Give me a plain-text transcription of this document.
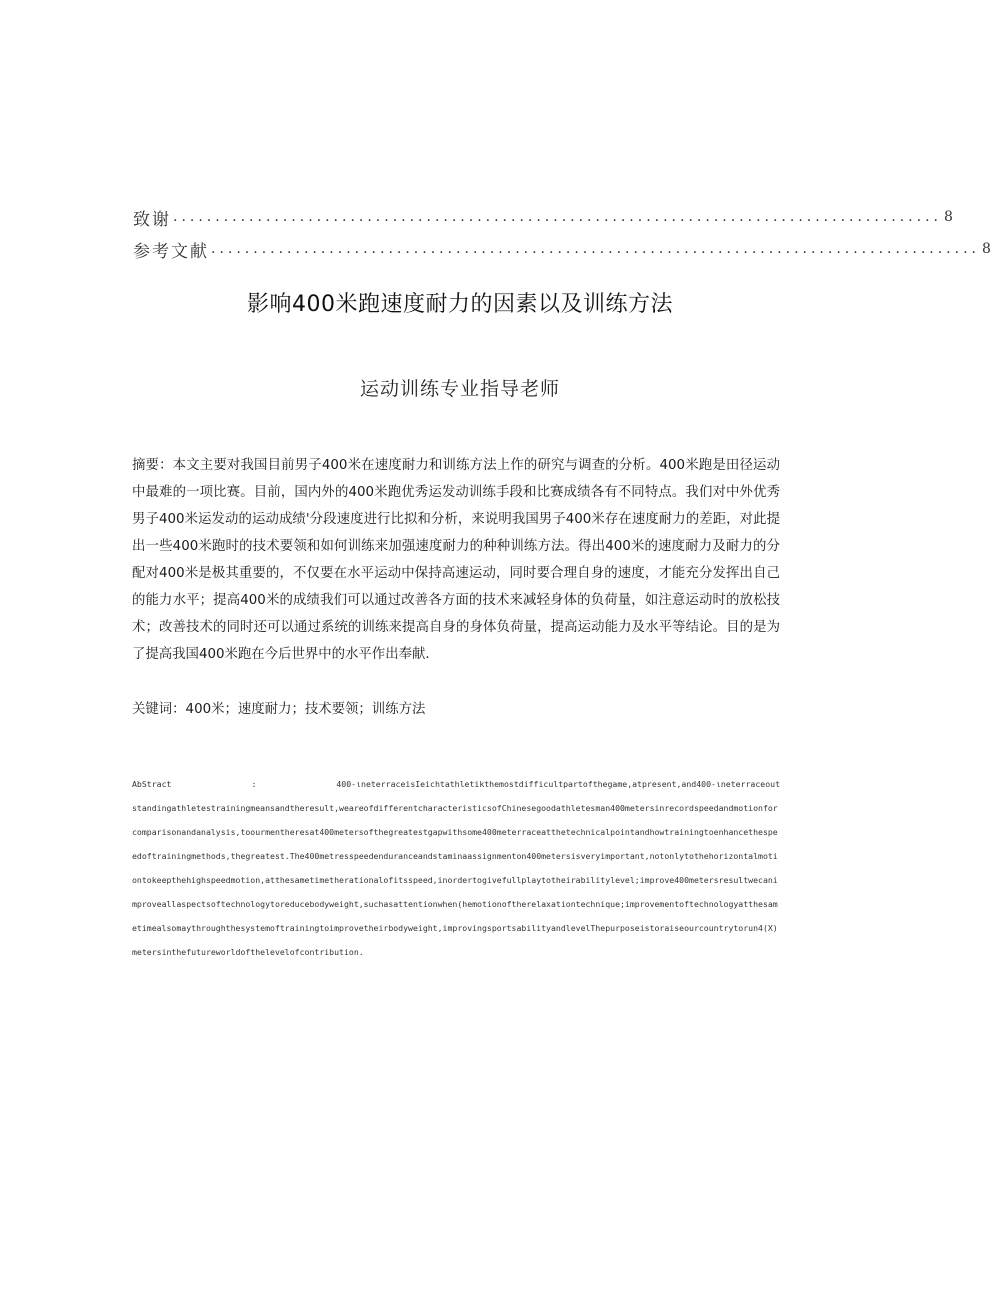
致谢 ........................................................................................... 8
参考文献 ........................................................................................... 8
影响400米跑速度耐力的因素以及训练方法
运动训练专业指导老师

摘要：本文主要对我国目前男子400米在速度耐力和训练方法上作的研究与调查的分析。400米跑是田径运动中最难的一项比赛。目前，国内外的400米跑优秀运发动训练手段和比赛成绩各有不同特点。我们对中外优秀男子400米运发动的运动成绩'分段速度进行比拟和分析，来说明我国男子400米存在速度耐力的差距，对此提出一些400米跑时的技术要领和如何训练来加强速度耐力的种种训练方法。得出400米的速度耐力及耐力的分配对400米是极其重要的，不仅要在水平运动中保持高速运动，同时要合理自身的速度，才能充分发挥出自己的能力水平；提高400米的成绩我们可以通过改善各方面的技术来减轻身体的负荷量，如注意运动时的放松技术；改善技术的同时还可以通过系统的训练来提高自身的身体负荷量，提高运动能力及水平等结论。目的是为了提高我国400米跑在今后世界中的水平作出奉献.

关键词：400米；速度耐力；技术要领；训练方法

AbStract	:	400-ιneterraceisIeichtathletikthemostdifficultpartofthegame,atpresent,and400-ιneterraceoutstandingathletestrainingmeansandtheresult,weareofdifferentcharacteristicsofChinesegoodathletesman400metersinrecordspeedandmotionforcomparisonandanalysis,toourmentheresat400metersofthegreatestgapwithsome400meterraceatthetechnicalpointandhowtrainingtoenhancethespeedoftrainingmethods,thegreatest.The400metresspeedenduranceandstaminaassignmenton400metersisveryimportant,notonlytothehorizontalmotiontokeepthehighspeedmotion,atthesametimetherationalofitsspeed,inordertogivefullplaytotheirabilitylevel;improve400metersresultwecanimproveallaspectsoftechnologytoreducebodyweight,suchasattentionwhen(hemotionoftherelaxationtechnique;improvementoftechnologyatthesametimealsomaythroughthesystemoftrainingtoimprovetheirbodyweight,improvingsportsabilityandlevelThepurposeistoraiseourcountrytorun4(X)metersinthefutureworldofthelevelofcontribution.
